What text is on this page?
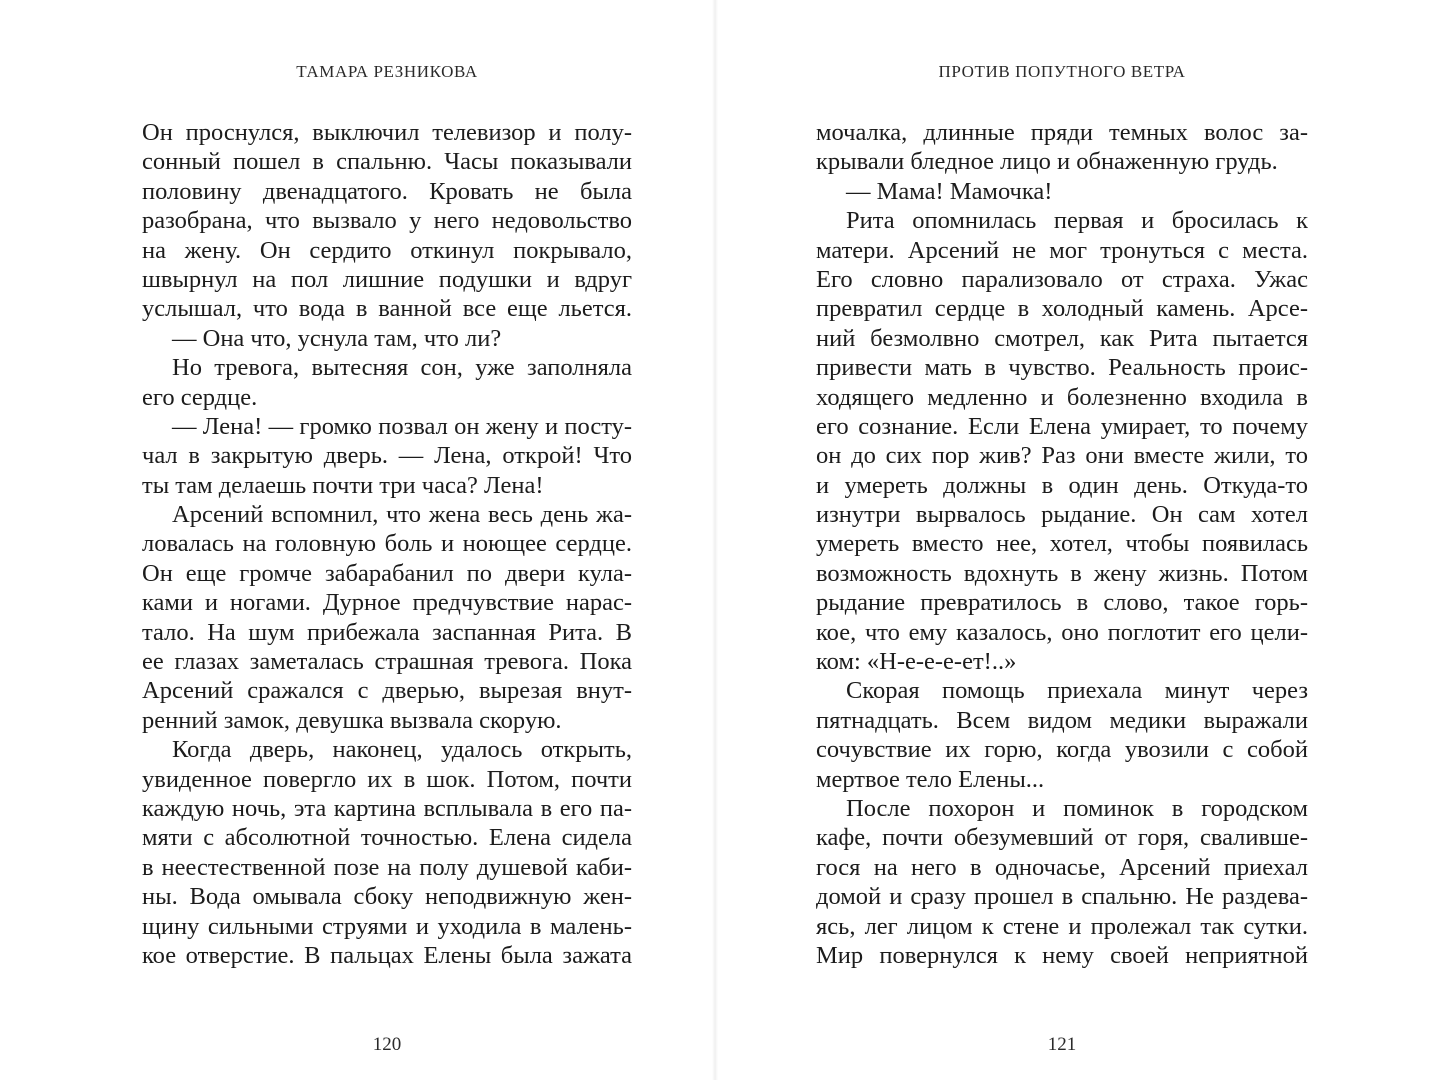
ТАМАРА РЕЗНИКОВА
Он проснулся, выключил телевизор и полу-
сонный пошел в спальню. Часы показывали
половину двенадцатого. Кровать не была
разобрана, что вызвало у него недовольство
на жену. Он сердито откинул покрывало,
швырнул на пол лишние подушки и вдруг
услышал, что вода в ванной все еще льется.
— Она что, уснула там, что ли?
Но тревога, вытесняя сон, уже заполняла
его сердце.
— Лена! — громко позвал он жену и посту-
чал в закрытую дверь. — Лена, открой! Что
ты там делаешь почти три часа? Лена!
Арсений вспомнил, что жена весь день жа-
ловалась на головную боль и ноющее сердце.
Он еще громче забарабанил по двери кула-
ками и ногами. Дурное предчувствие нарас-
тало. На шум прибежала заспанная Рита. В
ее глазах заметалась страшная тревога. Пока
Арсений сражался с дверью, вырезая внут-
ренний замок, девушка вызвала скорую.
Когда дверь, наконец, удалось открыть,
увиденное повергло их в шок. Потом, почти
каждую ночь, эта картина всплывала в его па-
мяти с абсолютной точностью. Елена сидела
в неестественной позе на полу душевой каби-
ны. Вода омывала сбоку неподвижную жен-
щину сильными струями и уходила в малень-
кое отверстие. В пальцах Елены была зажата
120
ПРОТИВ ПОПУТНОГО ВЕТРА
мочалка, длинные пряди темных волос за-
крывали бледное лицо и обнаженную грудь.
— Мама! Мамочка!
Рита опомнилась первая и бросилась к
матери. Арсений не мог тронуться с места.
Его словно парализовало от страха. Ужас
превратил сердце в холодный камень. Арсе-
ний безмолвно смотрел, как Рита пытается
привести мать в чувство. Реальность проис-
ходящего медленно и болезненно входила в
его сознание. Если Елена умирает, то почему
он до сих пор жив? Раз они вместе жили, то
и умереть должны в один день. Откуда-то
изнутри вырвалось рыдание. Он сам хотел
умереть вместо нее, хотел, чтобы появилась
возможность вдохнуть в жену жизнь. Потом
рыдание превратилось в слово, такое горь-
кое, что ему казалось, оно поглотит его цели-
ком: «Н-е-е-е-ет!..»
Скорая помощь приехала минут через
пятнадцать. Всем видом медики выражали
сочувствие их горю, когда увозили с собой
мертвое тело Елены...
После похорон и поминок в городском
кафе, почти обезумевший от горя, свалившe-
гося на него в одночасье, Арсений приехал
домой и сразу прошел в спальню. Не раздева-
ясь, лег лицом к стене и пролежал так сутки.
Мир повернулся к нему своей неприятной
121
